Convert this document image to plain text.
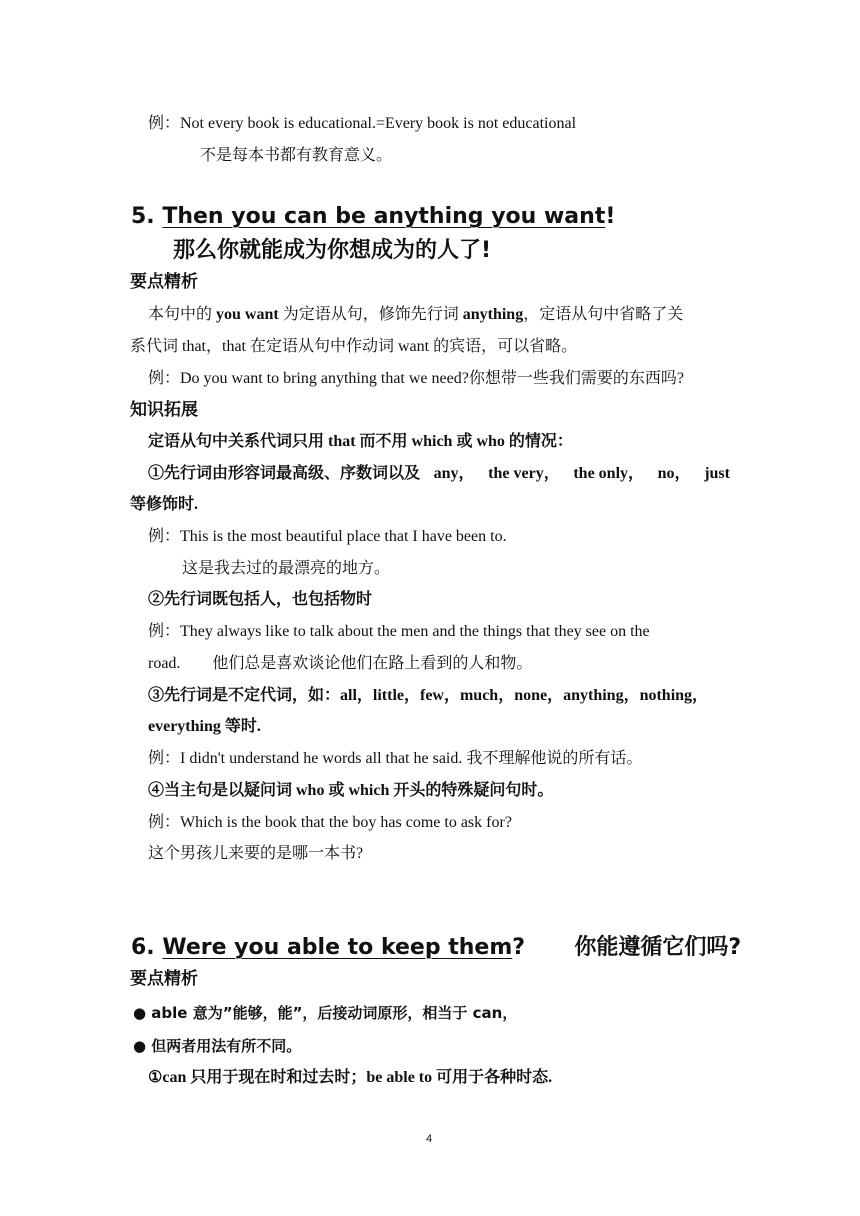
例：Not every book is educational.=Every book is not educational
不是每本书都有教育意义。
5. Then you can be anything you want!
那么你就能成为你想成为的人了!
要点精析
本句中的 you want 为定语从句，修饰先行词 anything，定语从句中省略了关
系代词 that，that 在定语从句中作动词 want 的宾语，可以省略。
例：Do you want to bring anything that we need?你想带一些我们需要的东西吗?
知识拓展
定语从句中关系代词只用 that 而不用 which 或 who 的情况：
①先行词由形容词最高级、序数词以及 any， the very， the only， no， just
等修饰时.
例：This is the most beautiful place that I have been to.
这是我去过的最漂亮的地方。
②先行词既包括人，也包括物时
例：They always like to talk about the men and the things that they see on the
road.        他们总是喜欢谈论他们在路上看到的人和物。
③先行词是不定代词，如：all，little，few，much，none，anything，nothing，
everything 等时.
例：I didn't understand he words all that he said. 我不理解他说的所有话。
④当主句是以疑问词 who 或 which 开头的特殊疑问句时。
例：Which is the book that the boy has come to ask for?
这个男孩儿来要的是哪一本书?
6. Were you able to keep them? 你能遵循它们吗?
要点精析
● able 意为”能够，能”，后接动词原形，相当于 can，
● 但两者用法有所不同。
①can 只用于现在时和过去时；be able to 可用于各种时态.
4
